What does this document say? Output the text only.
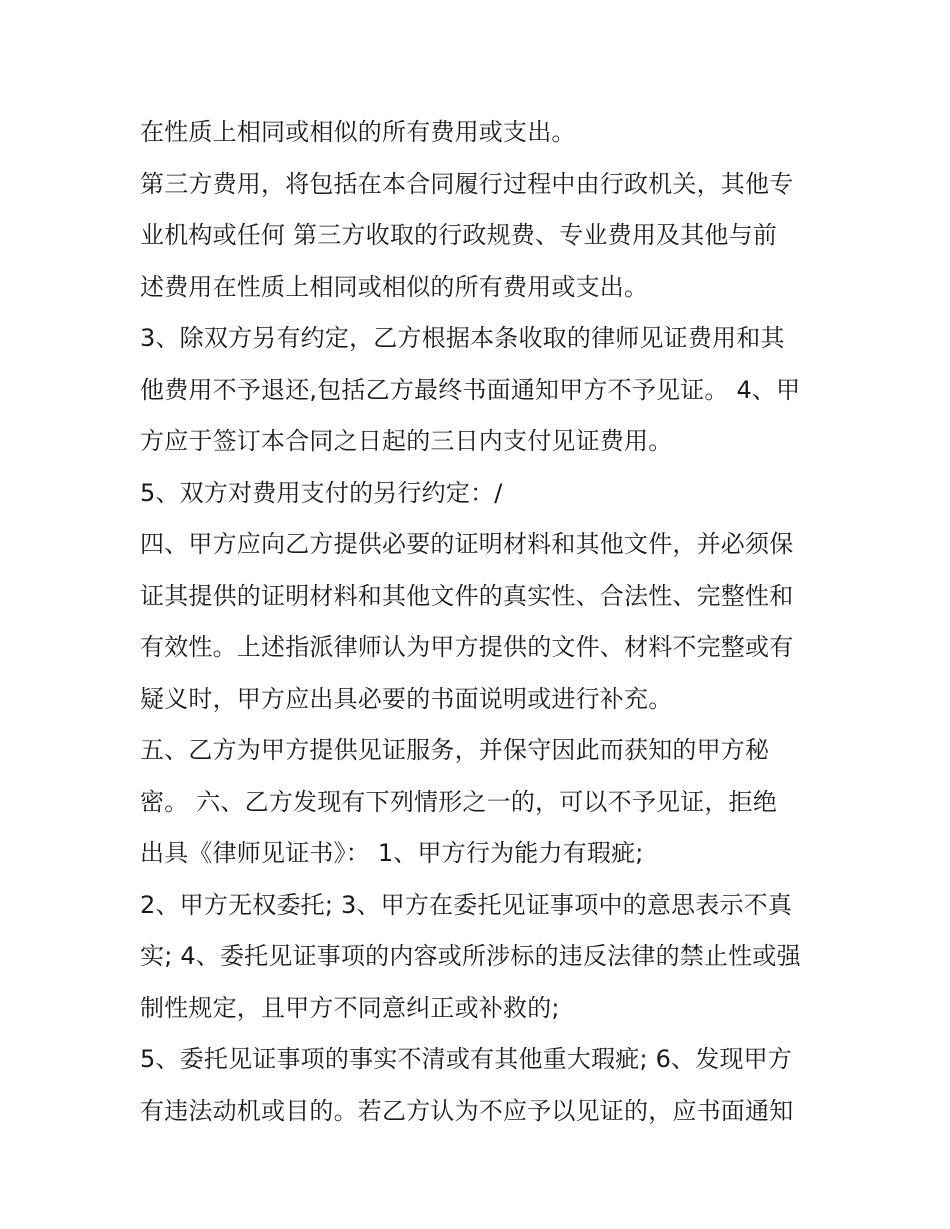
在性质上相同或相似的所有费用或支出。
第三方费用，将包括在本合同履行过程中由行政机关，其他专
业机构或任何 第三方收取的行政规费、专业费用及其他与前
述费用在性质上相同或相似的所有费用或支出。
3、除双方另有约定，乙方根据本条收取的律师见证费用和其
他费用不予退还,包括乙方最终书面通知甲方不予见证。 4、甲
方应于签订本合同之日起的三日内支付见证费用。
5、双方对费用支付的另行约定：/
四、甲方应向乙方提供必要的证明材料和其他文件，并必须保
证其提供的证明材料和其他文件的真实性、合法性、完整性和
有效性。上述指派律师认为甲方提供的文件、材料不完整或有
疑义时，甲方应出具必要的书面说明或进行补充。
五、乙方为甲方提供见证服务，并保守因此而获知的甲方秘
密。 六、乙方发现有下列情形之一的，可以不予见证，拒绝
出具《律师见证书》： 1、甲方行为能力有瑕疵;
2、甲方无权委托; 3、甲方在委托见证事项中的意思表示不真
实; 4、委托见证事项的内容或所涉标的违反法律的禁止性或强
制性规定，且甲方不同意纠正或补救的;
5、委托见证事项的事实不清或有其他重大瑕疵; 6、发现甲方
有违法动机或目的。若乙方认为不应予以见证的，应书面通知
